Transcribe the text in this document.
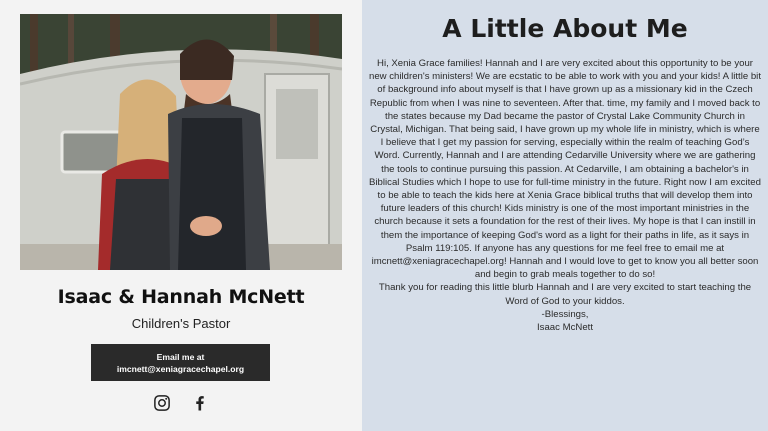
Isaac & Hannah McNett
Children's Pastor
Email me at
imcnett@xeniagracechapel.org
A Little About Me

Hi, Xenia Grace families! Hannah and I are very excited about this opportunity to be your new children's ministers! We are ecstatic to be able to work with you and your kids! A little bit of background info about myself is that I have grown up as a missionary kid in the Czech Republic from when I was nine to seventeen. After that. time, my family and I moved back to the states because my Dad became the pastor of Crystal Lake Community Church in Crystal, Michigan. That being said, I have grown up my whole life in ministry, which is where I believe that I get my passion for serving, especially within the realm of teaching God’s Word. Currently, Hannah and I are attending Cedarville University where we are gathering the tools to continue pursuing this passion. At Cedarville, I am obtaining a bachelor's in Biblical Studies which I hope to use for full-time ministry in the future. Right now I am excited to be able to teach the kids here at Xenia Grace biblical truths that will develop them into future leaders of this church! Kids ministry is one of the most important ministries in the church because it sets a foundation for the rest of their lives. My hope is that I can instill in them the importance of keeping God's word as a light for their paths in life, as it says in Psalm 119:105. If anyone has any questions for me feel free to email me at imcnett@xeniagracechapel.org! Hannah and I would love to get to know you all better soon and begin to grab meals together to do so!

Thank you for reading this little blurb Hannah and I are very excited to start teaching the Word of God to your kiddos.

-Blessings,

Isaac McNett
